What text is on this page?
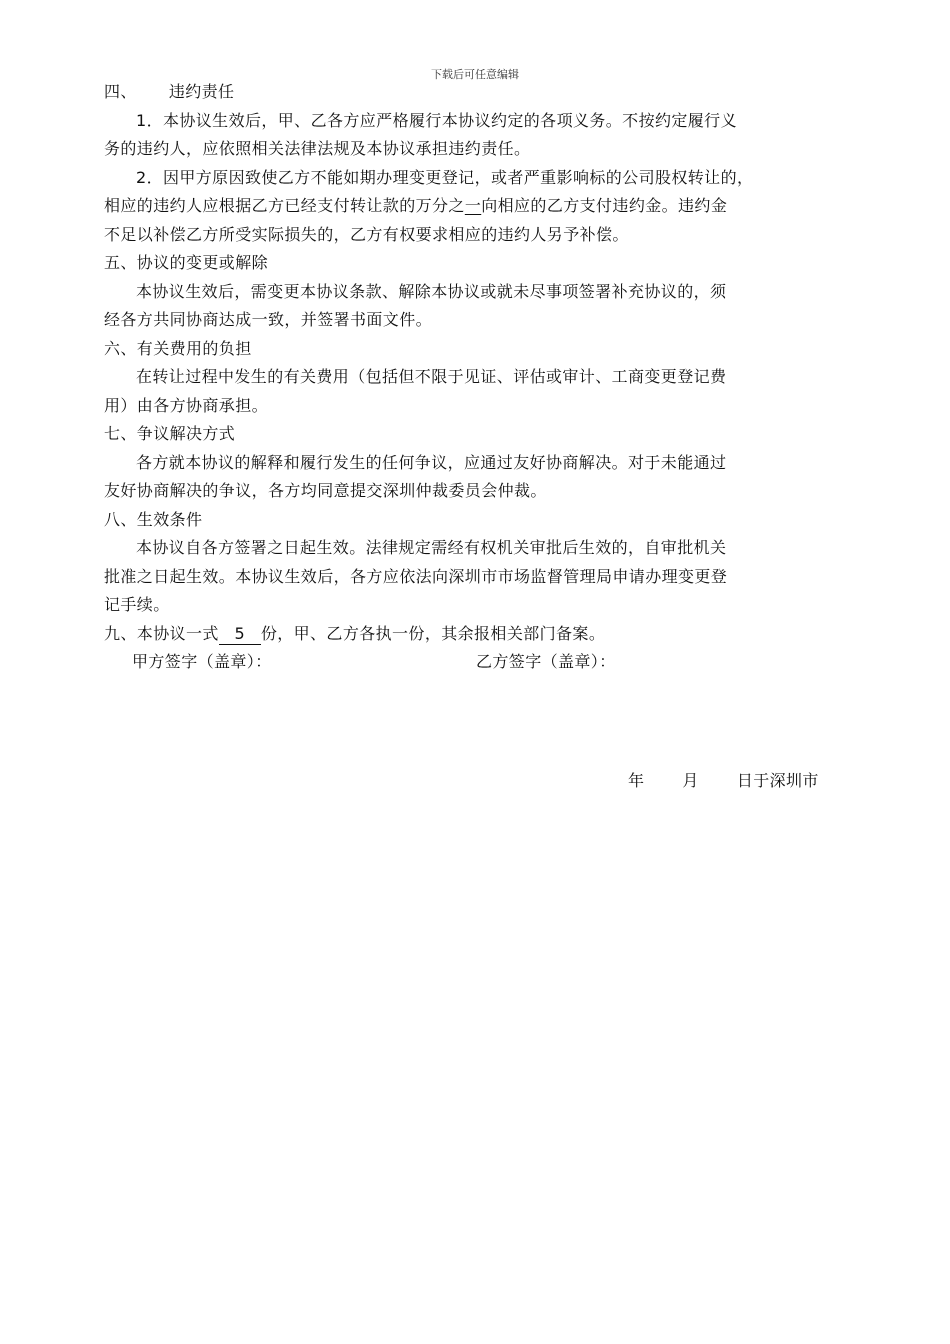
下载后可任意编辑
四、 违约责任
1．本协议生效后，甲、乙各方应严格履行本协议约定的各项义务。不按约定履行义
务的违约人，应依照相关法律法规及本协议承担违约责任。
2．因甲方原因致使乙方不能如期办理变更登记，或者严重影响标的公司股权转让的，
相应的违约人应根据乙方已经支付转让款的万分之一向相应的乙方支付违约金。违约金
不足以补偿乙方所受实际损失的，乙方有权要求相应的违约人另予补偿。
五、协议的变更或解除
本协议生效后，需变更本协议条款、解除本协议或就未尽事项签署补充协议的，须
经各方共同协商达成一致，并签署书面文件。
六、有关费用的负担
在转让过程中发生的有关费用（包括但不限于见证、评估或审计、工商变更登记费
用）由各方协商承担。
七、争议解决方式
各方就本协议的解释和履行发生的任何争议，应通过友好协商解决。对于未能通过
友好协商解决的争议，各方均同意提交深圳仲裁委员会仲裁。
八、生效条件
本协议自各方签署之日起生效。法律规定需经有权机关审批后生效的，自审批机关
批准之日起生效。本协议生效后，各方应依法向深圳市市场监督管理局申请办理变更登
记手续。
九、本协议一式 5 份，甲、乙方各执一份，其余报相关部门备案。
甲方签字（盖章）：	乙方签字（盖章）：
年 月 日于深圳市
